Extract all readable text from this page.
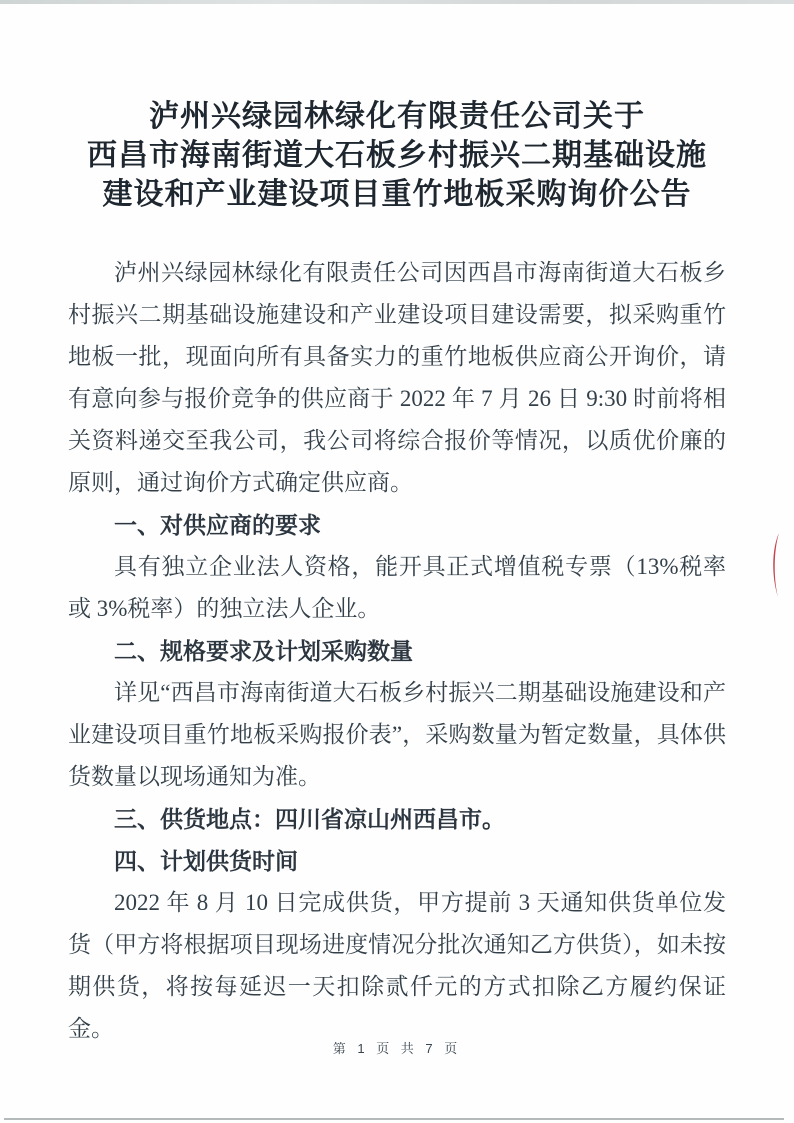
泸州兴绿园林绿化有限责任公司关于
西昌市海南街道大石板乡村振兴二期基础设施
建设和产业建设项目重竹地板采购询价公告

泸州兴绿园林绿化有限责任公司因西昌市海南街道大石板乡村振兴二期基础设施建设和产业建设项目建设需要，拟采购重竹地板一批，现面向所有具备实力的重竹地板供应商公开询价，请有意向参与报价竞争的供应商于 2022 年 7 月 26 日 9:30 时前将相关资料递交至我公司，我公司将综合报价等情况，以质优价廉的原则，通过询价方式确定供应商。

一、对供应商的要求

具有独立企业法人资格，能开具正式增值税专票（13%税率或 3%税率）的独立法人企业。

二、规格要求及计划采购数量

详见“西昌市海南街道大石板乡村振兴二期基础设施建设和产业建设项目重竹地板采购报价表”，采购数量为暂定数量，具体供货数量以现场通知为准。

三、供货地点：四川省凉山州西昌市。

四、计划供货时间

2022 年 8 月 10 日完成供货，甲方提前 3 天通知供货单位发货（甲方将根据项目现场进度情况分批次通知乙方供货），如未按期供货，将按每延迟一天扣除贰仟元的方式扣除乙方履约保证金。

第 1 页 共 7 页
